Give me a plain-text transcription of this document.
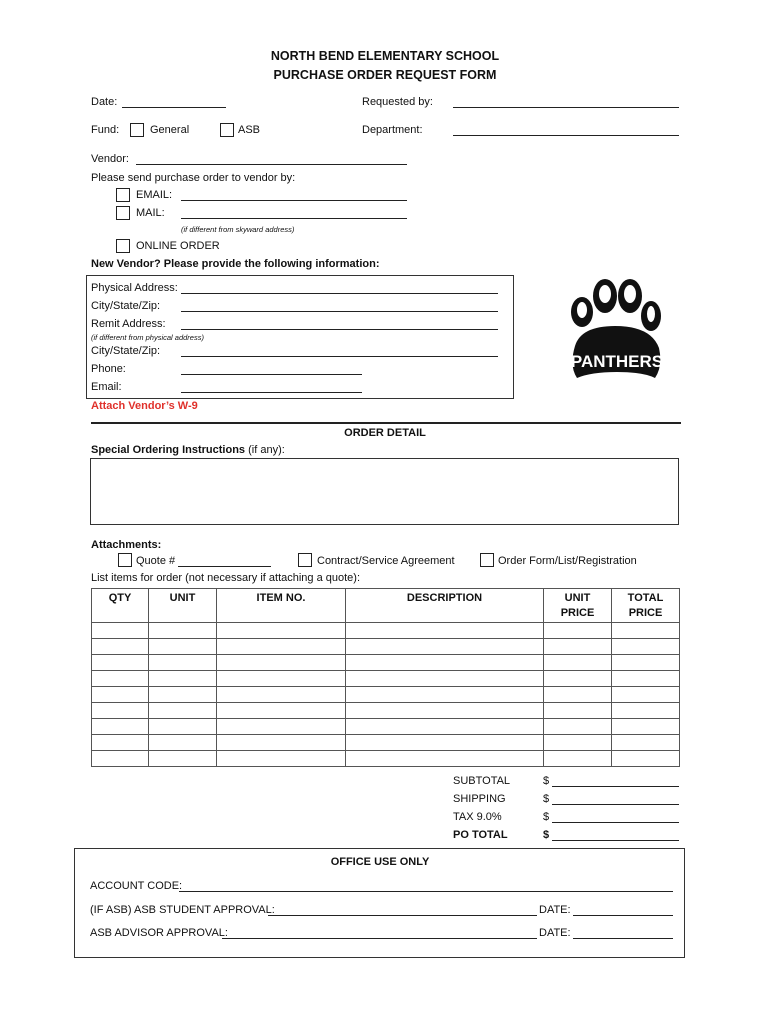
NORTH BEND ELEMENTARY SCHOOL
PURCHASE ORDER REQUEST FORM
Date:	Requested by:
Fund:	General	ASB	Department:
Vendor:
Please send purchase order to vendor by:
EMAIL:
MAIL:
(if different from skyward address)
ONLINE ORDER
New Vendor? Please provide the following information:
Physical Address:
City/State/Zip:
Remit Address:
(if different from physical address)
City/State/Zip:
Phone:
Email:
Attach Vendor’s W-9
PANTHERS
ORDER DETAIL
Special Ordering Instructions (if any):
Attachments:
Quote #	Contract/Service Agreement	Order Form/List/Registration
List items for order (not necessary if attaching a quote):
QTY	UNIT	ITEM NO.	DESCRIPTION	UNIT PRICE	TOTAL PRICE

SUBTOTAL	$
SHIPPING	$
TAX 9.0%	$
PO TOTAL	$
OFFICE USE ONLY
ACCOUNT CODE:
(IF ASB) ASB STUDENT APPROVAL:	DATE:
ASB ADVISOR APPROVAL:	DATE:
